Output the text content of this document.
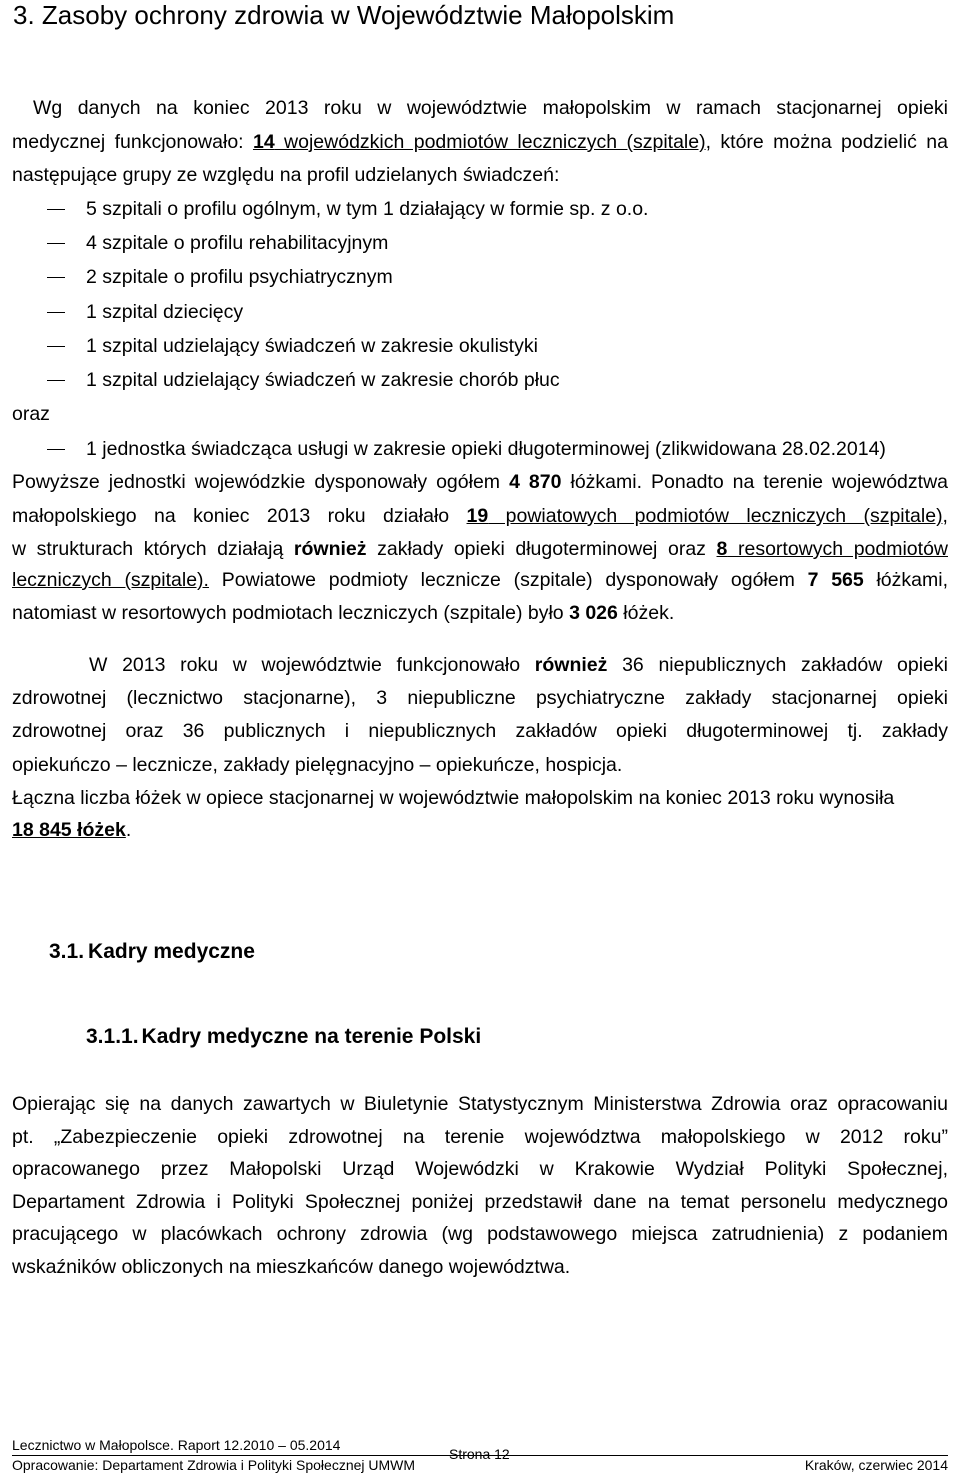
3. Zasoby ochrony zdrowia w Województwie Małopolskim
Wg danych na koniec 2013 roku w województwie małopolskim w ramach stacjonarnej opieki
medycznej funkcjonowało: 14 wojewódzkich podmiotów leczniczych (szpitale), które można podzielić na
następujące grupy ze względu na profil udzielanych świadczeń:
5 szpitali o profilu ogólnym, w tym 1 działający w formie sp. z o.o.
4 szpitale o profilu rehabilitacyjnym
2 szpitale o profilu psychiatrycznym
1 szpital dziecięcy
1 szpital udzielający świadczeń w zakresie okulistyki
1 szpital udzielający świadczeń w zakresie chorób płuc
oraz
1 jednostka świadcząca usługi w zakresie opieki długoterminowej (zlikwidowana 28.02.2014)
Powyższe jednostki wojewódzkie dysponowały ogółem 4 870 łóżkami. Ponadto na terenie województwa
małopolskiego na koniec 2013 roku działało 19 powiatowych podmiotów leczniczych (szpitale),
w strukturach których działają również zakłady opieki długoterminowej oraz 8 resortowych podmiotów
leczniczych (szpitale). Powiatowe podmioty lecznicze (szpitale) dysponowały ogółem 7 565 łóżkami,
natomiast w resortowych podmiotach leczniczych (szpitale) było 3 026 łóżek.
W 2013 roku w województwie funkcjonowało również 36 niepublicznych zakładów opieki
zdrowotnej (lecznictwo stacjonarne), 3 niepubliczne psychiatryczne zakłady stacjonarnej opieki
zdrowotnej oraz 36 publicznych i niepublicznych zakładów opieki długoterminowej tj. zakłady
opiekuńczo – lecznicze, zakłady pielęgnacyjno – opiekuńcze, hospicja.
Łączna liczba łóżek w opiece stacjonarnej w województwie małopolskim na koniec 2013 roku wynosiła
18 845 łóżek.
3.1. Kadry medyczne
3.1.1. Kadry medyczne na terenie Polski
Opierając się na danych zawartych w Biuletynie Statystycznym Ministerstwa Zdrowia oraz opracowaniu
pt. „Zabezpieczenie opieki zdrowotnej na terenie województwa małopolskiego w 2012 roku”
opracowanego przez Małopolski Urząd Wojewódzki w Krakowie Wydział Polityki Społecznej,
Departament Zdrowia i Polityki Społecznej poniżej przedstawił dane na temat personelu medycznego
pracującego w placówkach ochrony zdrowia (wg podstawowego miejsca zatrudnienia) z podaniem
wskaźników obliczonych na mieszkańców danego województwa.
Lecznictwo w Małopolsce. Raport 12.2010 – 05.2014
Opracowanie: Departament Zdrowia i Polityki Społecznej UMWM
Strona 12
Kraków, czerwiec 2014
